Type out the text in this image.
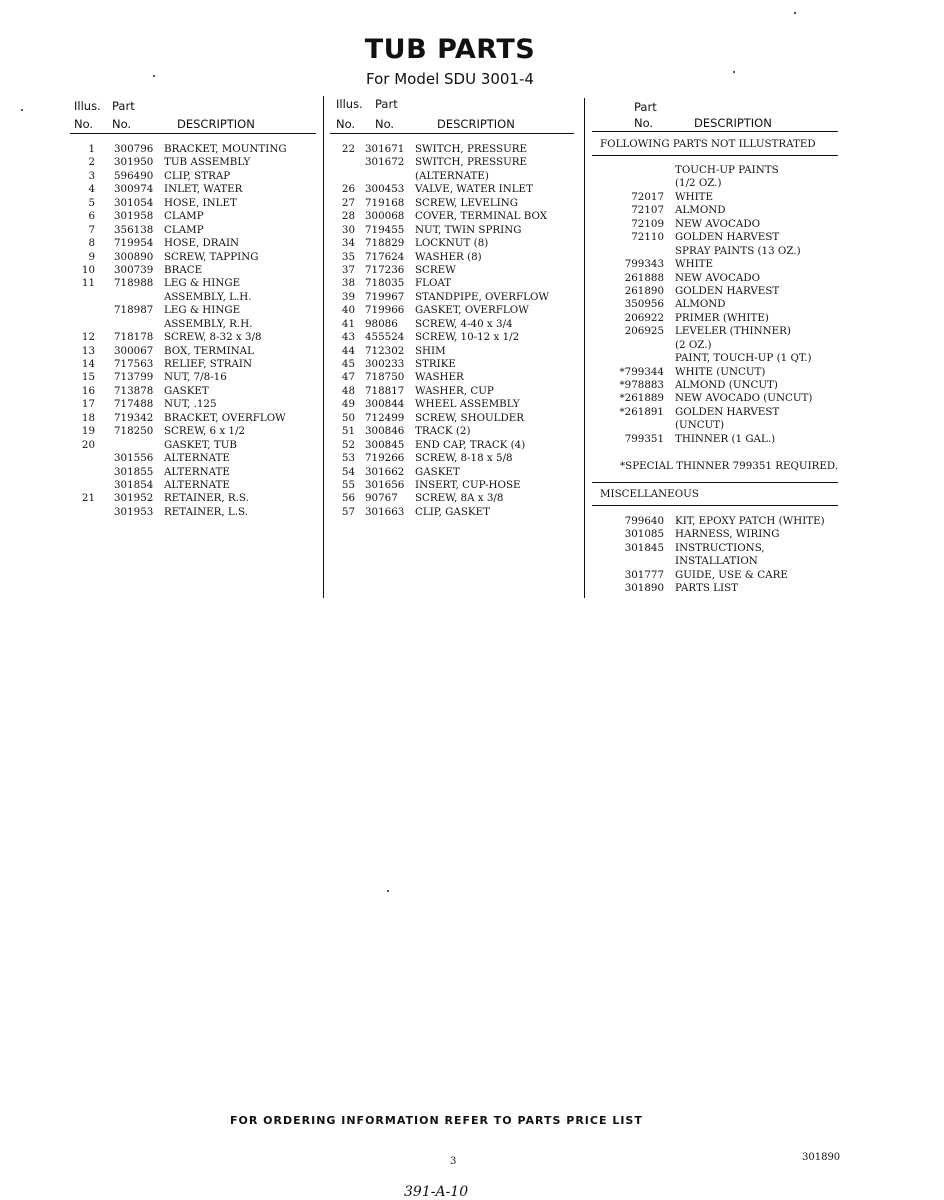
TUB PARTS
For Model SDU 3001-4
Illus. Part
No. No.	DESCRIPTION
Illus. Part
No. No.	DESCRIPTION
Part
No.	DESCRIPTION
1 300796 BRACKET, MOUNTING
2 301950 TUB ASSEMBLY
3 596490 CLIP, STRAP
4 300974 INLET, WATER
5 301054 HOSE, INLET
6 301958 CLAMP
7 356138 CLAMP
8 719954 HOSE, DRAIN
9 300890 SCREW, TAPPING
10 300739 BRACE
11 718988 LEG & HINGE
ASSEMBLY, L.H.
718987 LEG & HINGE
ASSEMBLY, R.H.
12 718178 SCREW, 8-32 x 3/8
13 300067 BOX, TERMINAL
14 717563 RELIEF, STRAIN
15 713799 NUT, 7/8-16
16 713878 GASKET
17 717488 NUT, .125
18 719342 BRACKET, OVERFLOW
19 718250 SCREW, 6 x 1/2
20	GASKET, TUB
301556 ALTERNATE
301855 ALTERNATE
301854 ALTERNATE
21 301952 RETAINER, R.S.
301953 RETAINER, L.S.
22 301671 SWITCH, PRESSURE
301672 SWITCH, PRESSURE
(ALTERNATE)
26 300453 VALVE, WATER INLET
27 719168 SCREW, LEVELING
28 300068 COVER, TERMINAL BOX
30 719455 NUT, TWIN SPRING
34 718829 LOCKNUT (8)
35 717624 WASHER (8)
37 717236 SCREW
38 718035 FLOAT
39 719967 STANDPIPE, OVERFLOW
40 719966 GASKET, OVERFLOW
41 98086 SCREW, 4-40 x 3/4
43 455524 SCREW, 10-12 x 1/2
44 712302 SHIM
45 300233 STRIKE
47 718750 WASHER
48 718817 WASHER, CUP
49 300844 WHEEL ASSEMBLY
50 712499 SCREW, SHOULDER
51 300846 TRACK (2)
52 300845 END CAP, TRACK (4)
53 719266 SCREW, 8-18 x 5/8
54 301662 GASKET
55 301656 INSERT, CUP-HOSE
56 90767 SCREW, 8A x 3/8
57 301663 CLIP, GASKET
FOLLOWING PARTS NOT ILLUSTRATED
TOUCH-UP PAINTS
(1/2 OZ.)
72017 WHITE
72107 ALMOND
72109 NEW AVOCADO
72110 GOLDEN HARVEST
SPRAY PAINTS (13 OZ.)
799343 WHITE
261888 NEW AVOCADO
261890 GOLDEN HARVEST
350956 ALMOND
206922 PRIMER (WHITE)
206925 LEVELER (THINNER)
(2 OZ.)
PAINT, TOUCH-UP (1 QT.)
*799344 WHITE (UNCUT)
*978883 ALMOND (UNCUT)
*261889 NEW AVOCADO (UNCUT)
*261891 GOLDEN HARVEST
(UNCUT)
799351 THINNER (1 GAL.)
*SPECIAL THINNER 799351 REQUIRED.
MISCELLANEOUS
799640 KIT, EPOXY PATCH (WHITE)
301085 HARNESS, WIRING
301845 INSTRUCTIONS,
INSTALLATION
301777 GUIDE, USE & CARE
301890 PARTS LIST
FOR ORDERING INFORMATION REFER TO PARTS PRICE LIST
3	301890
391-A-10
